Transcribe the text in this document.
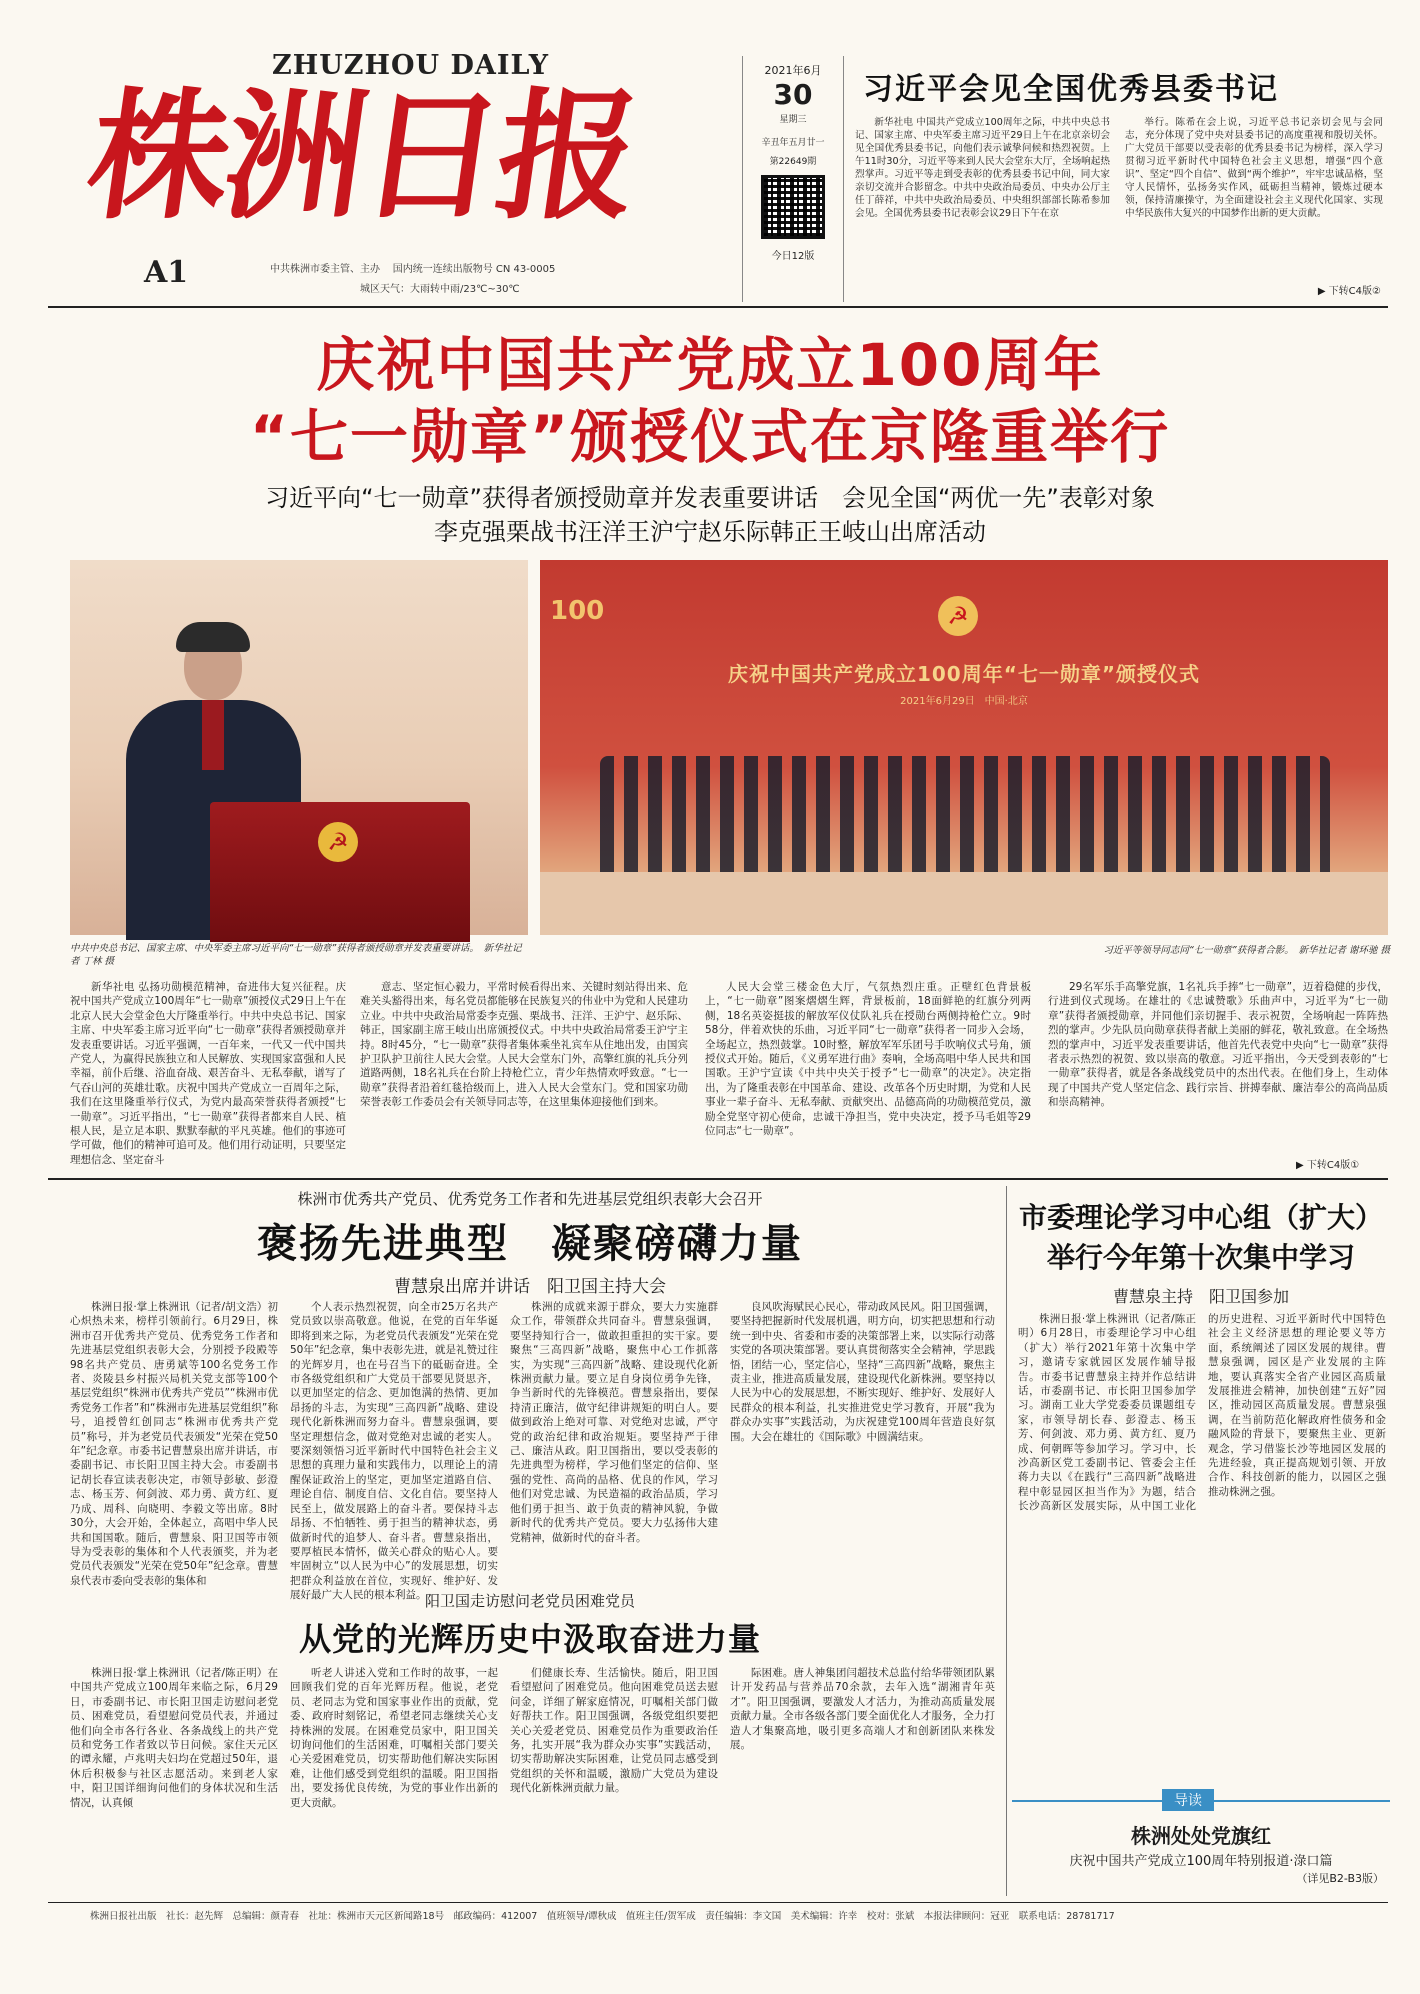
ZHUZHOU DAILY
株洲日报
A1	中共株洲市委主管、主办 国内统一连续出版物号 CN 43-0005
城区天气：大雨转中雨/23℃~30℃
2021年6月
30
星期三
辛丑年五月廿一
第22649期
今日12版
习近平会见全国优秀县委书记

新华社电 中国共产党成立100周年之际，中共中央总书记、国家主席、中央军委主席习近平29日上午在北京亲切会见全国优秀县委书记，向他们表示诚挚问候和热烈祝贺。上午11时30分，习近平等来到人民大会堂东大厅，全场响起热烈掌声。习近平等走到受表彰的优秀县委书记中间，同大家亲切交流并合影留念。中共中央政治局委员、中央办公厅主任丁薛祥，中共中央政治局委员、中央组织部部长陈希参加会见。全国优秀县委书记表彰会议29日下午在京

举行。陈希在会上说，习近平总书记亲切会见与会同志，充分体现了党中央对县委书记的高度重视和殷切关怀。广大党员干部要以受表彰的优秀县委书记为榜样，深入学习贯彻习近平新时代中国特色社会主义思想，增强“四个意识”、坚定“四个自信”、做到“两个维护”，牢牢忠诚品格，坚守人民情怀，弘扬务实作风，砥砺担当精神，锻炼过硬本领，保持清廉操守，为全面建设社会主义现代化国家、实现中华民族伟大复兴的中国梦作出新的更大贡献。

▶ 下转C4版②
庆祝中国共产党成立100周年
“七一勋章”颁授仪式在京隆重举行
习近平向“七一勋章”获得者颁授勋章并发表重要讲话　会见全国“两优一先”表彰对象
李克强栗战书汪洋王沪宁赵乐际韩正王岐山出席活动
☭
100	☭
庆祝中国共产党成立100周年“七一勋章”颁授仪式
2021年6月29日　中国·北京
中共中央总书记、国家主席、中央军委主席习近平向“七一勋章”获得者颁授勋章并发表重要讲话。　新华社记者 丁林 摄
习近平等领导同志同“七一勋章”获得者合影。　新华社记者 谢环驰 摄

新华社电 弘扬功勋模范精神，奋进伟大复兴征程。庆祝中国共产党成立100周年“七一勋章”颁授仪式29日上午在北京人民大会堂金色大厅隆重举行。中共中央总书记、国家主席、中央军委主席习近平向“七一勋章”获得者颁授勋章并发表重要讲话。习近平强调，一百年来，一代又一代中国共产党人，为赢得民族独立和人民解放、实现国家富强和人民幸福，前仆后继、浴血奋战、艰苦奋斗、无私奉献，谱写了气吞山河的英雄壮歌。庆祝中国共产党成立一百周年之际，我们在这里隆重举行仪式，为党内最高荣誉获得者颁授“七一勋章”。习近平指出，“七一勋章”获得者都来自人民、植根人民，是立足本职、默默奉献的平凡英雄。他们的事迹可学可做，他们的精神可追可及。他们用行动证明，只要坚定理想信念、坚定奋斗

意志、坚定恒心毅力，平常时候看得出来、关键时刻站得出来、危难关头豁得出来，每名党员都能够在民族复兴的伟业中为党和人民建功立业。中共中央政治局常委李克强、栗战书、汪洋、王沪宁、赵乐际、韩正，国家副主席王岐山出席颁授仪式。中共中央政治局常委王沪宁主持。8时45分，“七一勋章”获得者集体乘坐礼宾车从住地出发，由国宾护卫队护卫前往人民大会堂。人民大会堂东门外，高擎红旗的礼兵分列道路两侧，18名礼兵在台阶上持枪伫立，青少年热情欢呼致意。“七一勋章”获得者沿着红毯拾级而上，进入人民大会堂东门。党和国家功勋荣誉表彰工作委员会有关领导同志等，在这里集体迎接他们到来。

人民大会堂三楼金色大厅，气氛热烈庄重。正壁红色背景板上，“七一勋章”图案熠熠生辉，背景板前，18面鲜艳的红旗分列两侧，18名英姿挺拔的解放军仪仗队礼兵在授勋台两侧持枪伫立。9时58分，伴着欢快的乐曲，习近平同“七一勋章”获得者一同步入会场，全场起立，热烈鼓掌。10时整，解放军军乐团号手吹响仪式号角，颁授仪式开始。随后，《义勇军进行曲》奏响，全场高唱中华人民共和国国歌。王沪宁宣读《中共中央关于授予“七一勋章”的决定》。决定指出，为了隆重表彰在中国革命、建设、改革各个历史时期，为党和人民事业一辈子奋斗、无私奉献、贡献突出、品德高尚的功勋模范党员，激励全党坚守初心使命，忠诚干净担当，党中央决定，授予马毛姐等29位同志“七一勋章”。

29名军乐手高擎党旗，1名礼兵手捧“七一勋章”，迈着稳健的步伐，行进到仪式现场。在雄壮的《忠诚赞歌》乐曲声中，习近平为“七一勋章”获得者颁授勋章，并同他们亲切握手、表示祝贺，全场响起一阵阵热烈的掌声。少先队员向勋章获得者献上美丽的鲜花，敬礼致意。在全场热烈的掌声中，习近平发表重要讲话，他首先代表党中央向“七一勋章”获得者表示热烈的祝贺、致以崇高的敬意。习近平指出，今天受到表彰的“七一勋章”获得者，就是各条战线党员中的杰出代表。在他们身上，生动体现了中国共产党人坚定信念、践行宗旨、拼搏奉献、廉洁奉公的高尚品质和崇高精神。

▶ 下转C4版①
株洲市优秀共产党员、优秀党务工作者和先进基层党组织表彰大会召开
褒扬先进典型　凝聚磅礴力量
曹慧泉出席并讲话　阳卫国主持大会

株洲日报·掌上株洲讯（记者/胡文浩）初心炽热未来，榜样引领前行。6月29日，株洲市召开优秀共产党员、优秀党务工作者和先进基层党组织表彰大会，分别授予段殿等98名共产党员、唐勇斌等100名党务工作者、炎陵县乡村振兴局机关党支部等100个基层党组织“株洲市优秀共产党员”“株洲市优秀党务工作者”和“株洲市先进基层党组织”称号，追授曾红创同志“株洲市优秀共产党员”称号，并为老党员代表颁发“光荣在党50年”纪念章。市委书记曹慧泉出席并讲话，市委副书记、市长阳卫国主持大会。市委副书记胡长春宣读表彰决定，市领导彭敏、彭澄志、杨玉芳、何剑波、邓力勇、黄方红、夏乃成、周科、向晓明、李毅文等出席。8时30分，大会开始，全体起立，高唱中华人民共和国国歌。随后，曹慧泉、阳卫国等市领导为受表彰的集体和个人代表颁奖，并为老党员代表颁发“光荣在党50年”纪念章。曹慧泉代表市委向受表彰的集体和

个人表示热烈祝贺，向全市25万名共产党员致以崇高敬意。他说，在党的百年华诞即将到来之际，为老党员代表颁发“光荣在党50年”纪念章，集中表彰先进，就是礼赞过往的光辉岁月，也在号召当下的砥砺奋进。全市各级党组织和广大党员干部要见贤思齐，以更加坚定的信念、更加饱满的热情、更加昂扬的斗志，为实现“三高四新”战略、建设现代化新株洲而努力奋斗。曹慧泉强调，要坚定理想信念，做对党绝对忠诚的老实人。要深刻领悟习近平新时代中国特色社会主义思想的真理力量和实践伟力，以理论上的清醒保证政治上的坚定，更加坚定道路自信、理论自信、制度自信、文化自信。要坚持人民至上，做发展路上的奋斗者。要保持斗志昂扬、不怕牺牲、勇于担当的精神状态，勇做新时代的追梦人、奋斗者。曹慧泉指出，要厚植民本情怀，做关心群众的贴心人。要牢固树立“以人民为中心”的发展思想，切实把群众利益放在首位，实现好、维护好、发展好最广大人民的根本利益。

株洲的成就来源于群众，要大力实施群众工作，带领群众共同奋斗。曹慧泉强调，要坚持知行合一，做敢担重担的实干家。要聚焦“三高四新”战略，聚焦中心工作抓落实，为实现“三高四新”战略、建设现代化新株洲贡献力量。要立足自身岗位勇争先锋，争当新时代的先锋模范。曹慧泉指出，要保持清正廉洁，做守纪律讲规矩的明白人。要做到政治上绝对可靠、对党绝对忠诚，严守党的政治纪律和政治规矩。要坚持严于律己、廉洁从政。阳卫国指出，要以受表彰的先进典型为榜样，学习他们坚定的信仰、坚强的党性、高尚的品格、优良的作风，学习他们对党忠诚、为民造福的政治品质，学习他们勇于担当、敢于负责的精神风貌，争做新时代的优秀共产党员。要大力弘扬伟大建党精神，做新时代的奋斗者。

良风吹海赋民心民心，带动政风民风。阳卫国强调，要坚持把握新时代发展机遇，明方向，切实把思想和行动统一到中央、省委和市委的决策部署上来，以实际行动落实党的各项决策部署。要认真贯彻落实全会精神，学思践悟，团结一心，坚定信心，坚持“三高四新”战略，聚焦主责主业，推进高质量发展，建设现代化新株洲。要坚持以人民为中心的发展思想，不断实现好、维护好、发展好人民群众的根本利益，扎实推进党史学习教育，开展“我为群众办实事”实践活动，为庆祝建党100周年营造良好氛围。大会在雄壮的《国际歌》中圆满结束。

阳卫国走访慰问老党员困难党员
从党的光辉历史中汲取奋进力量

株洲日报·掌上株洲讯（记者/陈正明）在中国共产党成立100周年来临之际，6月29日，市委副书记、市长阳卫国走访慰问老党员、困难党员，看望慰问党员代表，并通过他们向全市各行各业、各条战线上的共产党员和党务工作者致以节日问候。家住天元区的谭永耀，卢兆明夫妇均在党超过50年，退休后积极参与社区志愿活动。来到老人家中，阳卫国详细询问他们的身体状况和生活情况，认真倾

听老人讲述入党和工作时的故事，一起回顾我们党的百年光辉历程。他说，老党员、老同志为党和国家事业作出的贡献，党委、政府时刻铭记，希望老同志继续关心支持株洲的发展。在困难党员家中，阳卫国关切询问他们的生活困难，叮嘱相关部门要关心关爱困难党员，切实帮助他们解决实际困难，让他们感受到党组织的温暖。阳卫国指出，要发扬优良传统，为党的事业作出新的更大贡献。

们健康长寿、生活愉快。随后，阳卫国看望慰问了困难党员。他向困难党员送去慰问金，详细了解家庭情况，叮嘱相关部门做好帮扶工作。阳卫国强调，各级党组织要把关心关爱老党员、困难党员作为重要政治任务，扎实开展“我为群众办实事”实践活动，切实帮助解决实际困难，让党员同志感受到党组织的关怀和温暖，激励广大党员为建设现代化新株洲贡献力量。

际困难。唐人神集团闫超技术总监付给华带领团队累计开发药品与营养品70余款，去年入选“湖湘青年英才”。阳卫国强调，要激发人才活力，为推动高质量发展贡献力量。全市各级各部门要全面优化人才服务，全力打造人才集聚高地，吸引更多高端人才和创新团队来株发展。

市委理论学习中心组（扩大）
举行今年第十次集中学习
曹慧泉主持　阳卫国参加

株洲日报·掌上株洲讯（记者/陈正明）6月28日，市委理论学习中心组（扩大）举行2021年第十次集中学习，邀请专家就园区发展作辅导报告。市委书记曹慧泉主持并作总结讲话，市委副书记、市长阳卫国参加学习。湖南工业大学党委委员课题组专家，市领导胡长春、彭澄志、杨玉芳、何剑波、邓力勇、黄方红、夏乃成、何朝晖等参加学习。学习中，长沙高新区党工委副书记、管委会主任蒋力夫以《在践行“三高四新”战略进程中彰显园区担当作为》为题，结合长沙高新区发展实际，从中国工业化的历史进程、习近平新时代中国特色社会主义经济思想的理论要义等方面，系统阐述了园区发展的规律。曹慧泉强调，园区是产业发展的主阵地，要认真落实全省产业园区高质量发展推进会精神，加快创建“五好”园区，推动园区高质量发展。曹慧泉强调，在当前防范化解政府性债务和金融风险的背景下，要聚焦主业、更新观念，学习借鉴长沙等地园区发展的先进经验，真正提高规划引领、开放合作、科技创新的能力，以园区之强推动株洲之强。

导读
株洲处处党旗红
庆祝中国共产党成立100周年特别报道·淥口篇
（详见B2-B3版）
株洲日报社出版　社长：赵先辉　总编辑：颜青春　社址：株洲市天元区新闻路18号　邮政编码：412007　值班领导/谭秋成　值班主任/贺军成　责任编辑：李文国　美术编辑：许幸　校对：张斌　本报法律顾问：冠亚　联系电话：28781717
